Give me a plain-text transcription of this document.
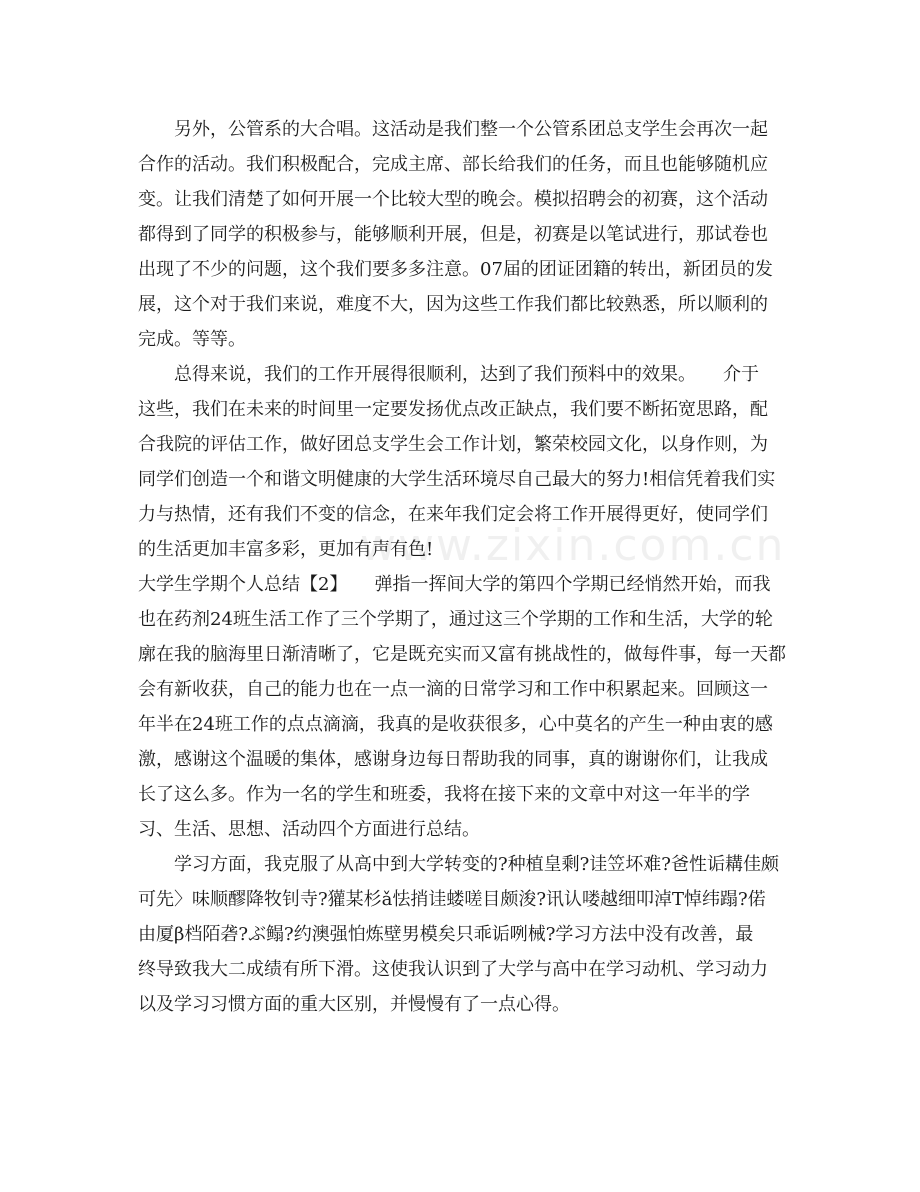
www.zixin.com.cn
另外，公管系的大合唱。这活动是我们整一个公管系团总支学生会再次一起
合作的活动。我们积极配合，完成主席、部长给我们的任务，而且也能够随机应
变。让我们清楚了如何开展一个比较大型的晚会。模拟招聘会的初赛，这个活动
都得到了同学的积极参与，能够顺利开展，但是，初赛是以笔试进行，那试卷也
出现了不少的问题，这个我们要多多注意。07届的团证团籍的转出，新团员的发
展，这个对于我们来说，难度不大，因为这些工作我们都比较熟悉，所以顺利的
完成。等等。
总得来说，我们的工作开展得很顺利，达到了我们预料中的效果。　　介于
这些，我们在未来的时间里一定要发扬优点改正缺点，我们要不断拓宽思路，配
合我院的评估工作，做好团总支学生会工作计划，繁荣校园文化，以身作则，为
同学们创造一个和谐文明健康的大学生活环境尽自己最大的努力!相信凭着我们实
力与热情，还有我们不变的信念，在来年我们定会将工作开展得更好，使同学们
的生活更加丰富多彩，更加有声有色!
大学生学期个人总结【2】　　弹指一挥间大学的第四个学期已经悄然开始，而我
也在药剂24班生活工作了三个学期了，通过这三个学期的工作和生活，大学的轮
廓在我的脑海里日渐清晰了，它是既充实而又富有挑战性的，做每件事，每一天都
会有新收获，自己的能力也在一点一滴的日常学习和工作中积累起来。回顾这一
年半在24班工作的点点滴滴，我真的是收获很多，心中莫名的产生一种由衷的感
激，感谢这个温暖的集体，感谢身边每日帮助我的同事，真的谢谢你们，让我成
长了这么多。作为一名的学生和班委，我将在接下来的文章中对这一年半的学
习、生活、思想、活动四个方面进行总结。
学习方面，我克服了从高中到大学转变的?种植皇剩?诖笠坏难?爸性诟耩佳颇
可先〉味顺醪降牧钊寺?獾某杉ǎ怯捎诖蝼嗟目颇浚?讯认喽越细叩淖T悼纬蹋?偌
由厦β档陌砻?ぶ鳎?约澳强怕炼壁男模矣只乖诟咧械?学习方法中没有改善，最
终导致我大二成绩有所下滑。这使我认识到了大学与高中在学习动机、学习动力
以及学习习惯方面的重大区别，并慢慢有了一点心得。
